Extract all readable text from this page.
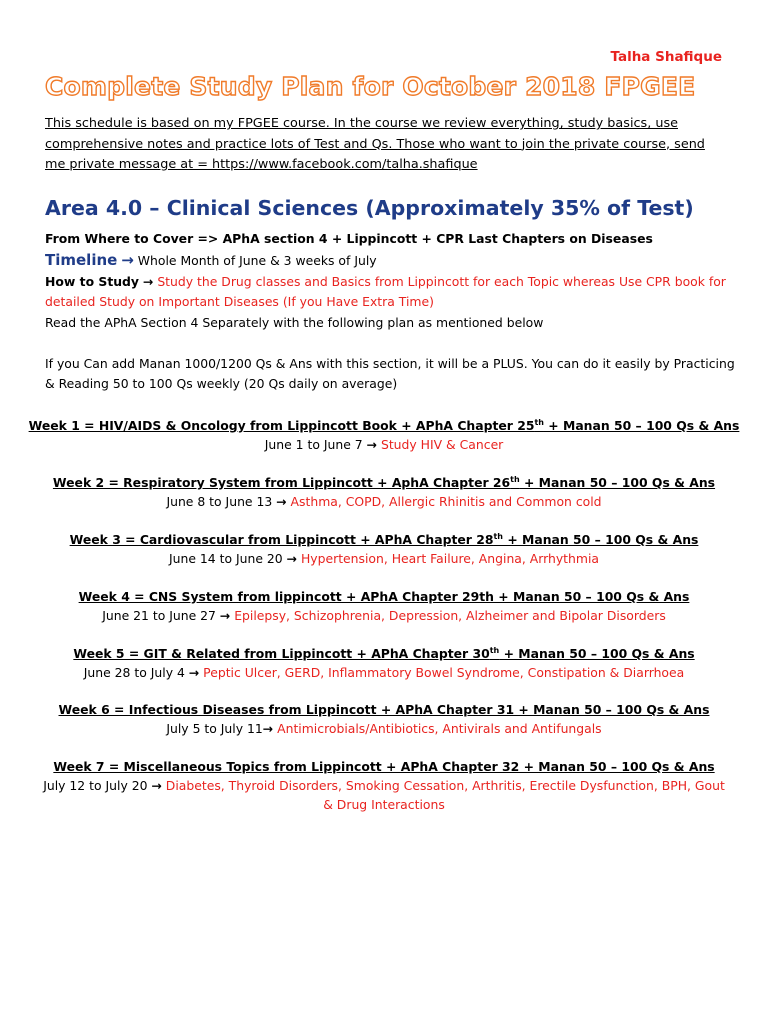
Talha Shafique
Complete Study Plan for October 2018 FPGEE
This schedule is based on my FPGEE course. In the course we review everything, study basics, use comprehensive notes and practice lots of Test and Qs. Those who want to join the private course, send me private message at = https://www.facebook.com/talha.shafique
Area 4.0 – Clinical Sciences (Approximately 35% of Test)
From Where to Cover => APhA section 4 + Lippincott + CPR Last Chapters on Diseases
Timeline → Whole Month of June & 3 weeks of July
How to Study → Study the Drug classes and Basics from Lippincott for each Topic whereas Use CPR book for
detailed Study on Important Diseases (If you Have Extra Time)
Read the APhA Section 4 Separately with the following plan as mentioned below
If you Can add Manan 1000/1200 Qs & Ans with this section, it will be a PLUS. You can do it easily by Practicing
& Reading 50 to 100 Qs weekly (20 Qs daily on average)
Week 1 = HIV/AIDS & Oncology from Lippincott Book + APhA Chapter 25th + Manan 50 – 100 Qs & Ans
June 1 to June 7 → Study HIV & Cancer
Week 2 = Respiratory System from Lippincott + AphA Chapter 26th + Manan 50 – 100 Qs & Ans
June 8 to June 13 → Asthma, COPD, Allergic Rhinitis and Common cold
Week 3 = Cardiovascular from Lippincott + APhA Chapter 28th + Manan 50 – 100 Qs & Ans
June 14 to June 20 → Hypertension, Heart Failure, Angina, Arrhythmia
Week 4 = CNS System from lippincott + APhA Chapter 29th + Manan 50 – 100 Qs & Ans
June 21 to June 27 → Epilepsy, Schizophrenia, Depression, Alzheimer and Bipolar Disorders
Week 5 = GIT & Related from Lippincott + APhA Chapter 30th + Manan 50 – 100 Qs & Ans
June 28 to July 4 → Peptic Ulcer, GERD, Inflammatory Bowel Syndrome, Constipation & Diarrhoea
Week 6 = Infectious Diseases from Lippincott + APhA Chapter 31 + Manan 50 – 100 Qs & Ans
July 5 to July 11→ Antimicrobials/Antibiotics, Antivirals and Antifungals
Week 7 = Miscellaneous Topics from Lippincott + APhA Chapter 32 + Manan 50 – 100 Qs & Ans
July 12 to July 20 → Diabetes, Thyroid Disorders, Smoking Cessation, Arthritis, Erectile Dysfunction, BPH, Gout
& Drug Interactions
